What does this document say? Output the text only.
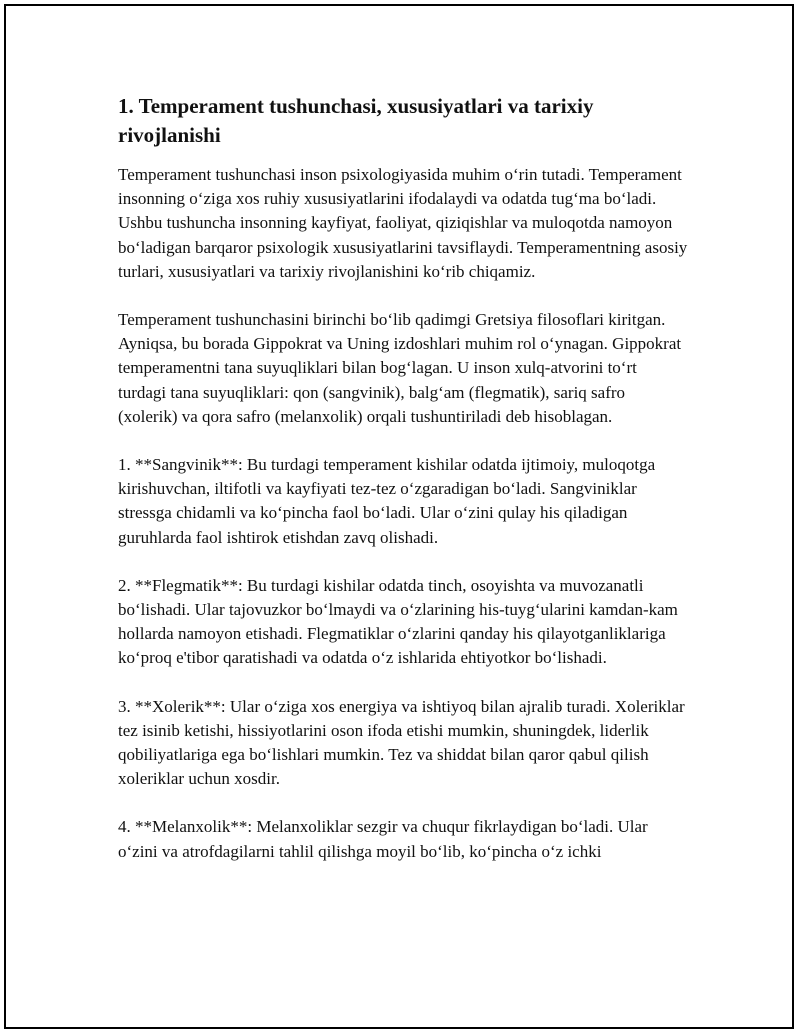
1. Temperament tushunchasi, xususiyatlari va tarixiy rivojlanishi

Temperament tushunchasi inson psixologiyasida muhim oʻrin tutadi. Temperament insonning oʻziga xos ruhiy xususiyatlarini ifodalaydi va odatda tugʻma boʻladi. Ushbu tushuncha insonning kayfiyat, faoliyat, qiziqishlar va muloqotda namoyon boʻladigan barqaror psixologik xususiyatlarini tavsiflaydi. Temperamentning asosiy turlari, xususiyatlari va tarixiy rivojlanishini koʻrib chiqamiz.

Temperament tushunchasini birinchi boʻlib qadimgi Gretsiya filosoflari kiritgan. Ayniqsa, bu borada Gippokrat va Uning izdoshlari muhim rol oʻynagan. Gippokrat temperamentni tana suyuqliklari bilan bogʻlagan. U inson xulq-atvorini toʻrt turdagi tana suyuqliklari: qon (sangvinik), balgʻam (flegmatik), sariq safro (xolerik) va qora safro (melanxolik) orqali tushuntiriladi deb hisoblagan.

1. **Sangvinik**: Bu turdagi temperament kishilar odatda ijtimoiy, muloqotga kirishuvchan, iltifotli va kayfiyati tez-tez oʻzgaradigan boʻladi. Sangviniklar stressga chidamli va koʻpincha faol boʻladi. Ular oʻzini qulay his qiladigan guruhlarda faol ishtirok etishdan zavq olishadi.

2. **Flegmatik**: Bu turdagi kishilar odatda tinch, osoyishta va muvozanatli boʻlishadi. Ular tajovuzkor boʻlmaydi va oʻzlarining his-tuygʻularini kamdan-kam hollarda namoyon etishadi. Flegmatiklar oʻzlarini qanday his qilayotganliklariga koʻproq e'tibor qaratishadi va odatda oʻz ishlarida ehtiyotkor boʻlishadi.

3. **Xolerik**: Ular oʻziga xos energiya va ishtiyoq bilan ajralib turadi. Xoleriklar tez isinib ketishi, hissiyotlarini oson ifoda etishi mumkin, shuningdek, liderlik qobiliyatlariga ega boʻlishlari mumkin. Tez va shiddat bilan qaror qabul qilish xoleriklar uchun xosdir.

4. **Melanxolik**: Melanxoliklar sezgir va chuqur fikrlaydigan boʻladi. Ular oʻzini va atrofdagilarni tahlil qilishga moyil boʻlib, koʻpincha oʻz ichki
